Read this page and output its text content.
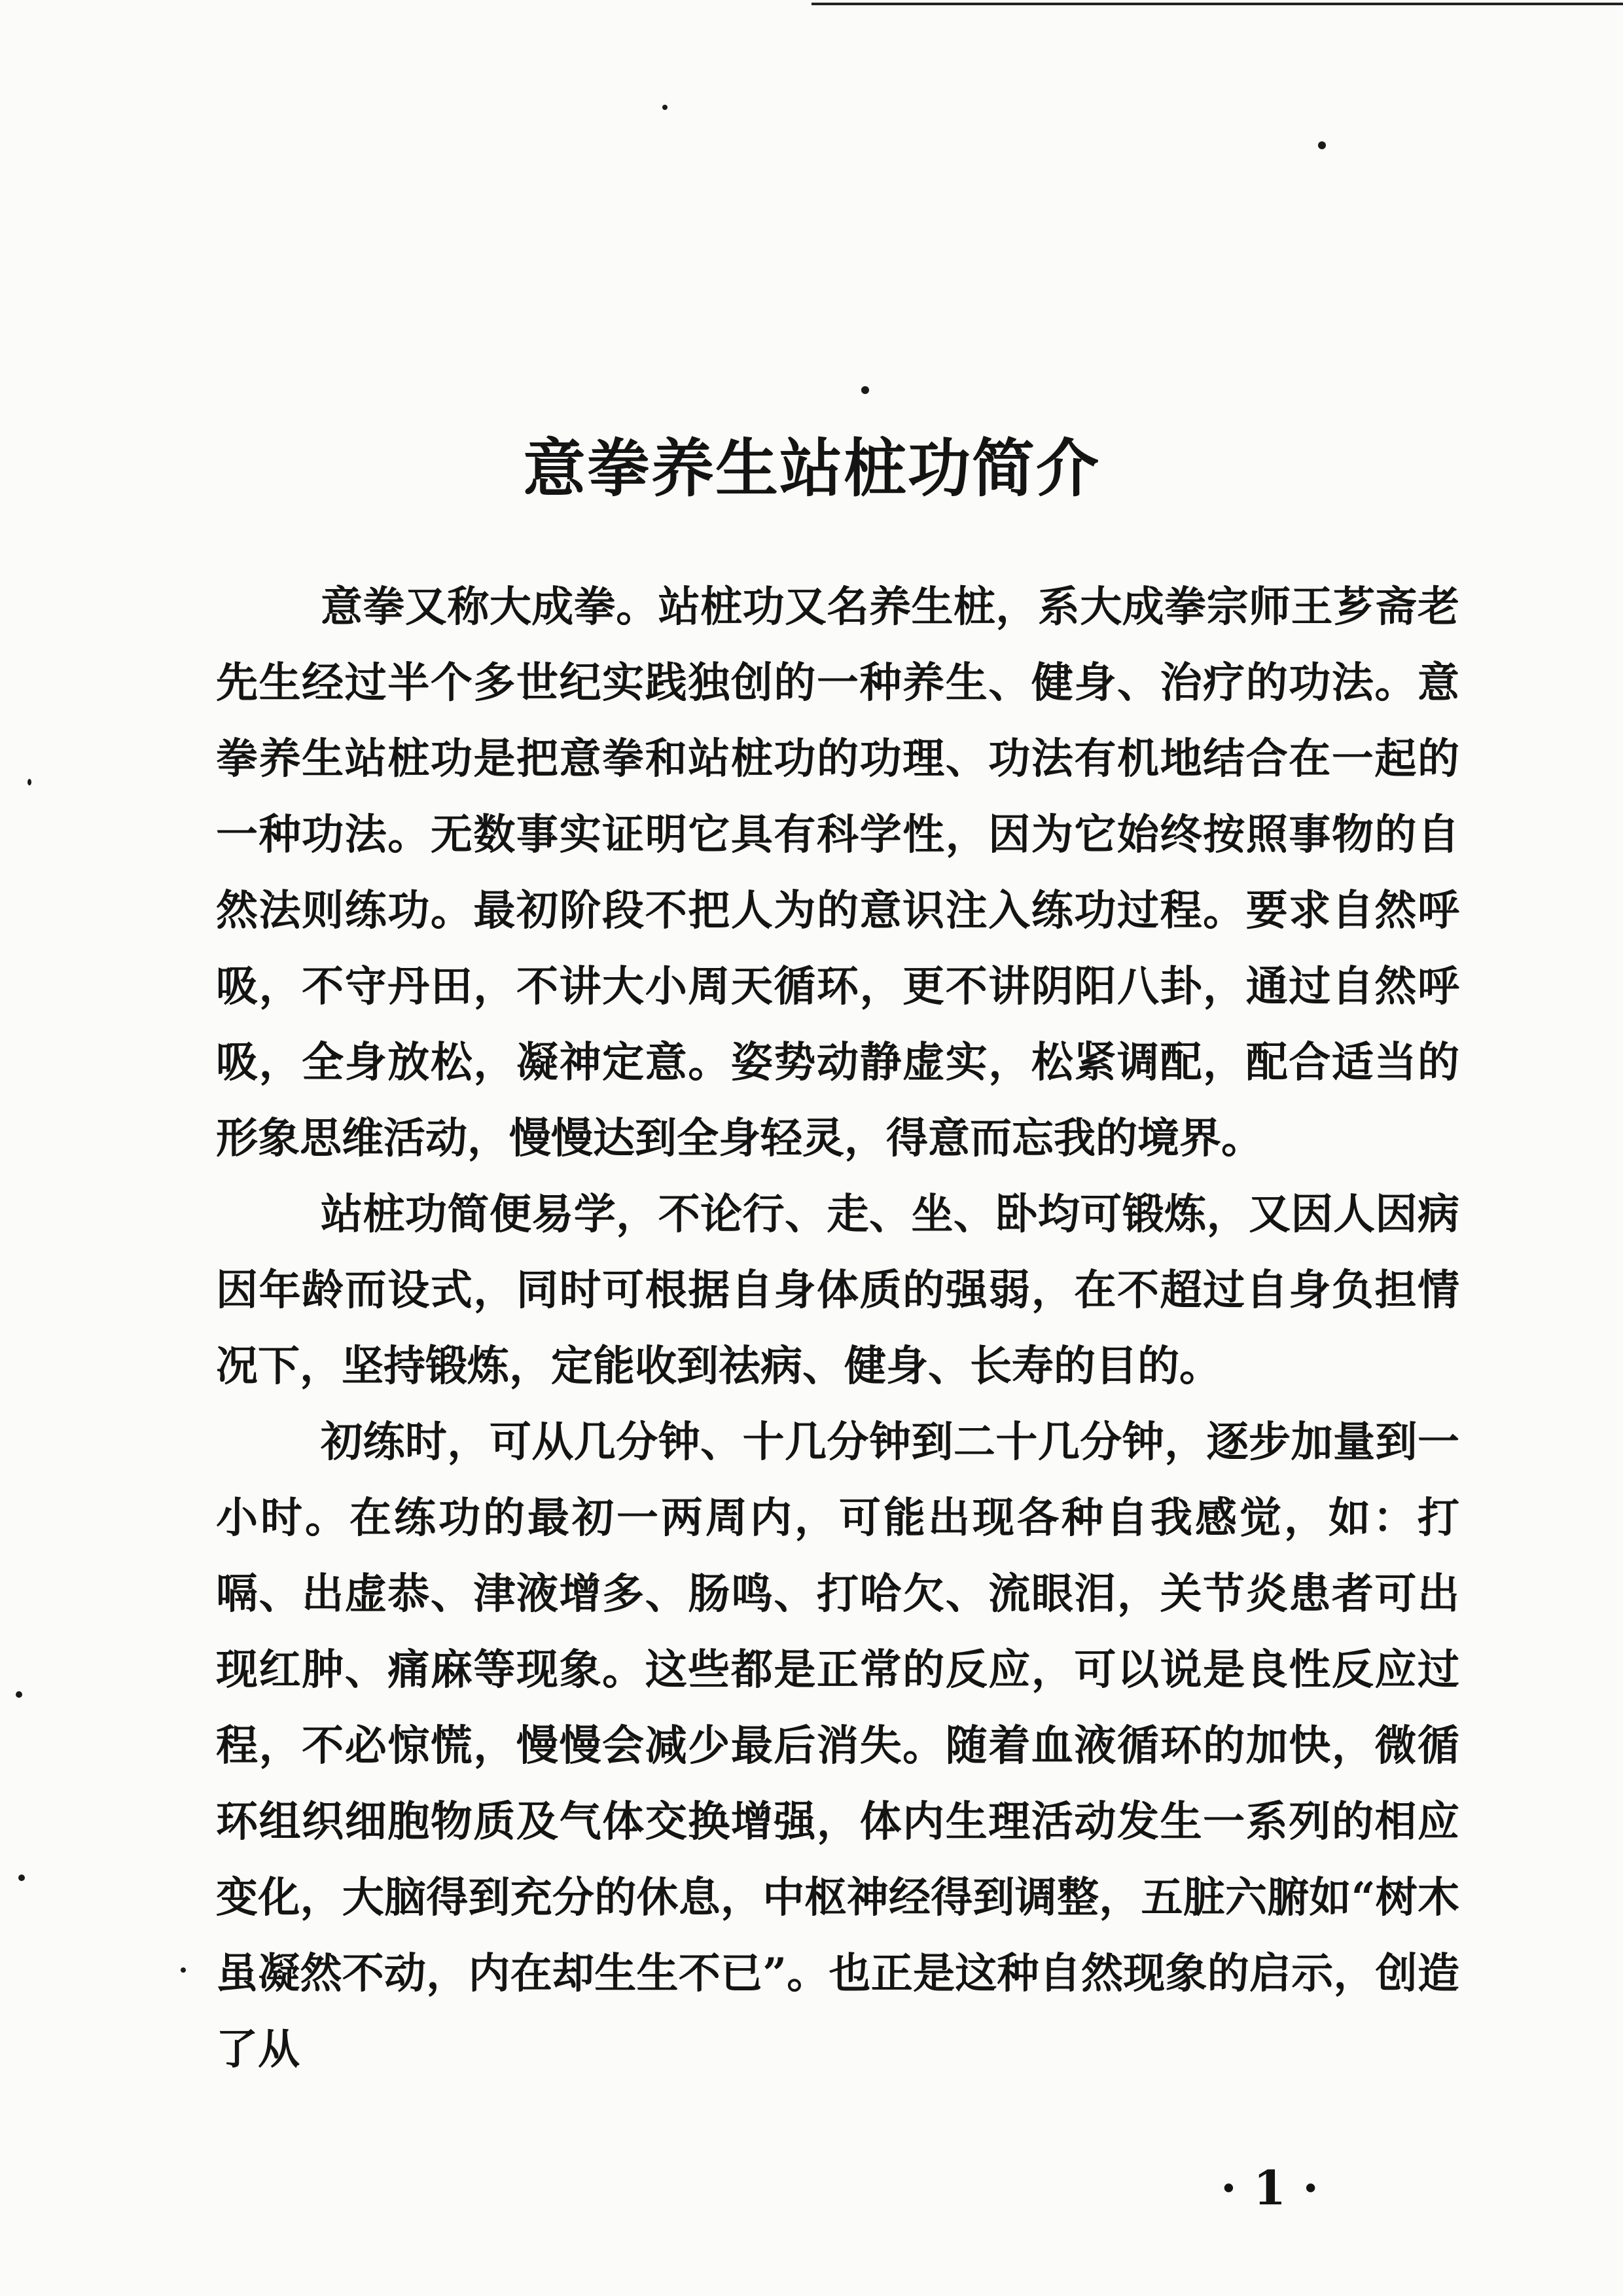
意拳养生站桩功简介

意拳又称大成拳。站桩功又名养生桩，系大成拳宗师王芗斋老先生经过半个多世纪实践独创的一种养生、健身、治疗的功法。意拳养生站桩功是把意拳和站桩功的功理、功法有机地结合在一起的一种功法。无数事实证明它具有科学性，因为它始终按照事物的自然法则练功。最初阶段不把人为的意识注入练功过程。要求自然呼吸，不守丹田，不讲大小周天循环，更不讲阴阳八卦，通过自然呼吸，全身放松，凝神定意。姿势动静虚实，松紧调配，配合适当的形象思维活动，慢慢达到全身轻灵，得意而忘我的境界。

站桩功简便易学，不论行、走、坐、卧均可锻炼，又因人因病因年龄而设式，同时可根据自身体质的强弱，在不超过自身负担情况下，坚持锻炼，定能收到祛病、健身、长寿的目的。

初练时，可从几分钟、十几分钟到二十几分钟，逐步加量到一小时。在练功的最初一两周内，可能出现各种自我感觉，如：打嗝、出虚恭、津液增多、肠鸣、打哈欠、流眼泪，关节炎患者可出现红肿、痛麻等现象。这些都是正常的反应，可以说是良性反应过程，不必惊慌，慢慢会减少最后消失。随着血液循环的加快，微循环组织细胞物质及气体交换增强，体内生理活动发生一系列的相应变化，大脑得到充分的休息，中枢神经得到调整，五脏六腑如“树木虽凝然不动，内在却生生不已”。也正是这种自然现象的启示，创造了从

· 1 ·
